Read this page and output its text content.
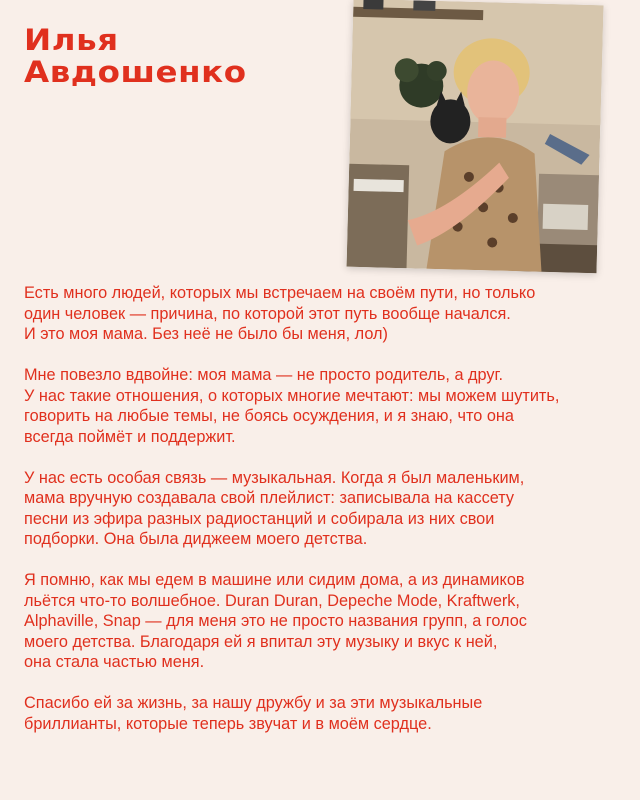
Илья
Авдошенко

Есть много людей, которых мы встречаем на своём пути, но только
один человек — причина, по которой этот путь вообще начался.
И это моя мама. Без неё не было бы меня, лол)

Мне повезло вдвойне: моя мама — не просто родитель, а друг.
У нас такие отношения, о которых многие мечтают: мы можем шутить,
говорить на любые темы, не боясь осуждения, и я знаю, что она
всегда поймёт и поддержит.

У нас есть особая связь — музыкальная. Когда я был маленьким,
мама вручную создавала свой плейлист: записывала на кассету
песни из эфира разных радиостанций и собирала из них свои
подборки. Она была диджеем моего детства.

Я помню, как мы едем в машине или сидим дома, а из динамиков
льётся что-то волшебное. Duran Duran, Depeche Mode, Kraftwerk,
Alphaville, Snap — для меня это не просто названия групп, а голос
моего детства. Благодаря ей я впитал эту музыку и вкус к ней,
она стала частью меня.

Спасибо ей за жизнь, за нашу дружбу и за эти музыкальные
бриллианты, которые теперь звучат и в моём сердце.
